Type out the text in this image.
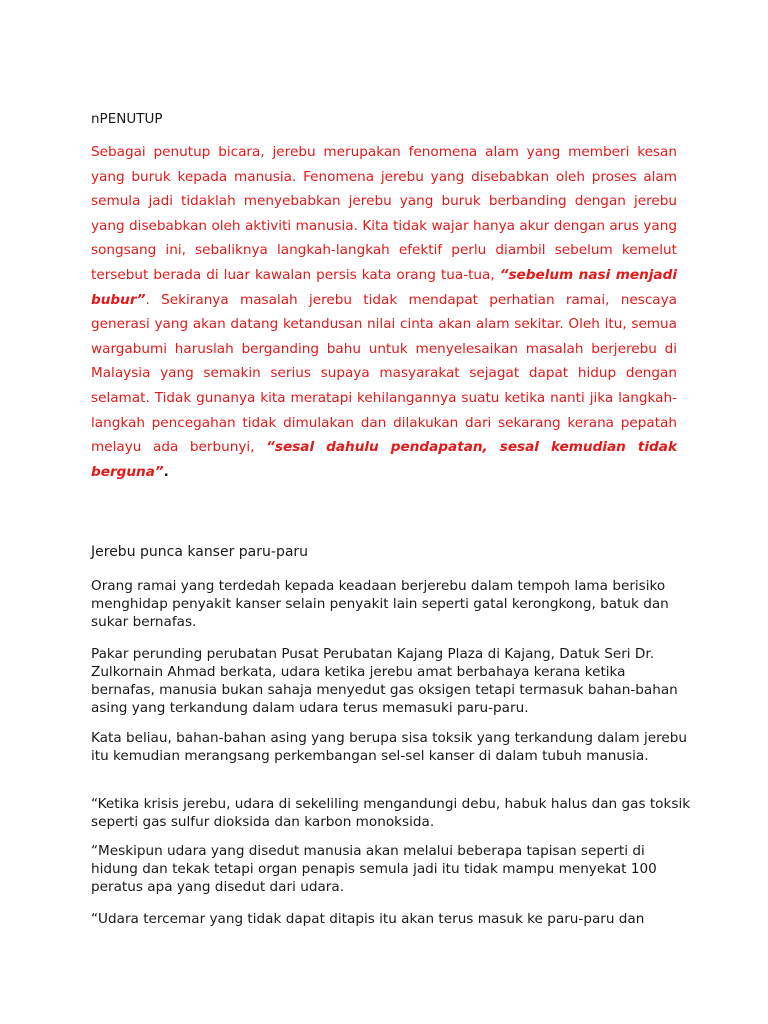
nPENUTUP

Sebagai penutup bicara, jerebu merupakan fenomena alam yang memberi kesan yang buruk kepada manusia. Fenomena jerebu yang disebabkan oleh proses alam semula jadi tidaklah menyebabkan jerebu yang buruk berbanding dengan jerebu yang disebabkan oleh aktiviti manusia. Kita tidak wajar hanya akur dengan arus yang songsang ini, sebaliknya langkah-langkah efektif perlu diambil sebelum kemelut tersebut berada di luar kawalan persis kata orang tua-tua, “sebelum nasi menjadi bubur”. Sekiranya masalah jerebu tidak mendapat perhatian ramai, nescaya generasi yang akan datang ketandusan nilai cinta akan alam sekitar. Oleh itu, semua wargabumi haruslah berganding bahu untuk menyelesaikan masalah berjerebu di Malaysia yang semakin serius supaya masyarakat sejagat dapat hidup dengan selamat. Tidak gunanya kita meratapi kehilangannya suatu ketika nanti jika langkah-langkah pencegahan tidak dimulakan dan dilakukan dari sekarang kerana pepatah melayu ada berbunyi, “sesal dahulu pendapatan, sesal kemudian tidak berguna”.

Jerebu punca kanser paru-paru

Orang ramai yang terdedah kepada keadaan berjerebu dalam tempoh lama berisiko menghidap penyakit kanser selain penyakit lain seperti gatal kerongkong, batuk dan sukar bernafas.

Pakar perunding perubatan Pusat Perubatan Kajang Plaza di Kajang, Datuk Seri Dr. Zulkornain Ahmad berkata, udara ketika jerebu amat berbahaya kerana ketika bernafas, manusia bukan sahaja menyedut gas oksigen tetapi termasuk bahan-bahan asing yang terkandung dalam udara terus memasuki paru-paru.

Kata beliau, bahan-bahan asing yang berupa sisa toksik yang terkandung dalam jerebu itu kemudian merangsang perkembangan sel-sel kanser di dalam tubuh manusia.

“Ketika krisis jerebu, udara di sekeliling mengandungi debu, habuk halus dan gas toksik seperti gas sulfur dioksida dan karbon monoksida.

“Meskipun udara yang disedut manusia akan melalui beberapa tapisan seperti di hidung dan tekak tetapi organ penapis semula jadi itu tidak mampu menyekat 100 peratus apa yang disedut dari udara.

“Udara tercemar yang tidak dapat ditapis itu akan terus masuk ke paru-paru dan
